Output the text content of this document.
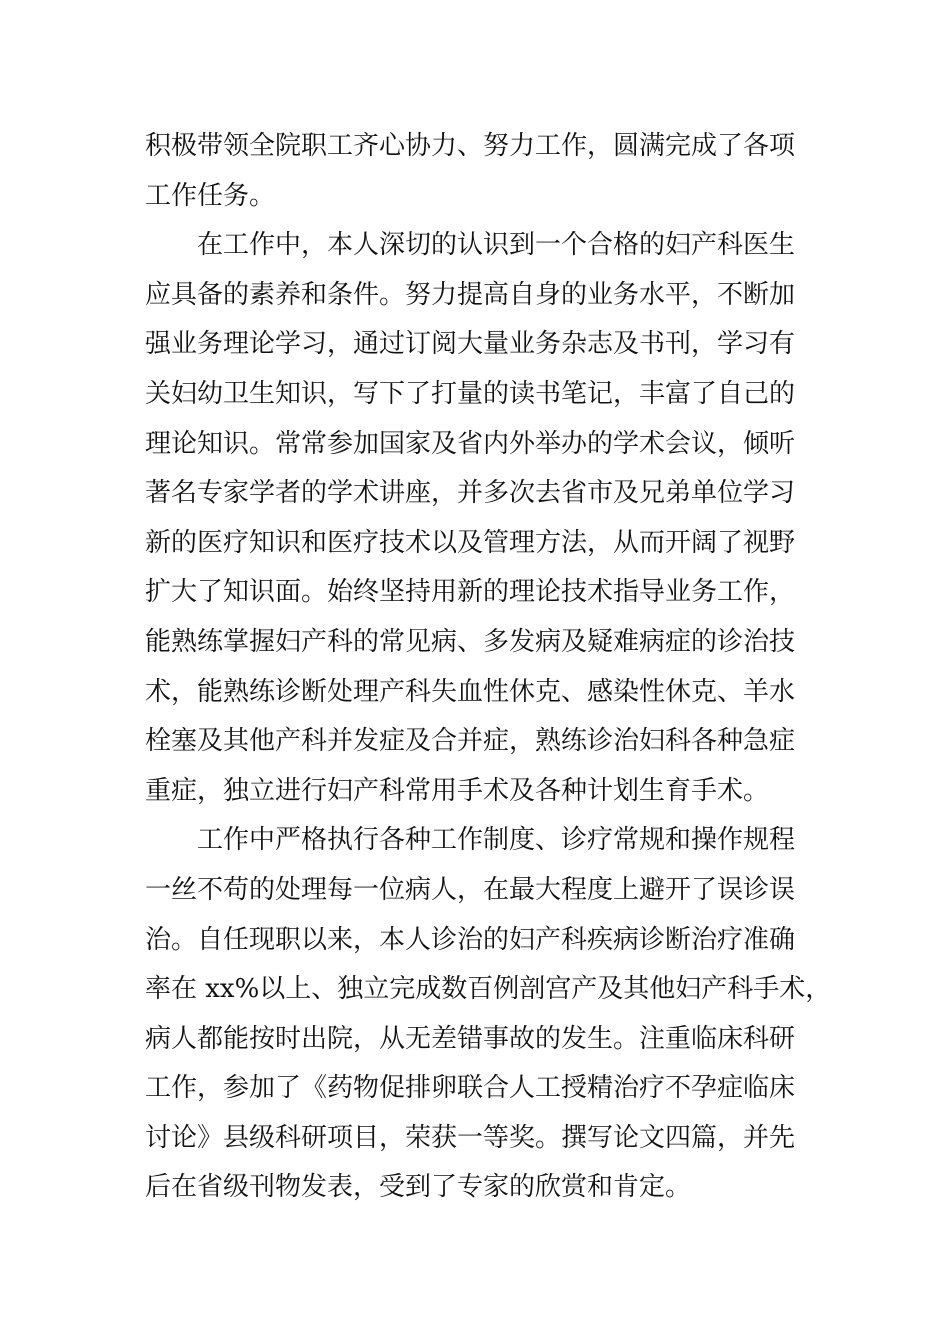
积极带领全院职工齐心协力、努力工作，圆满完成了各项
工作任务。
在工作中，本人深切的认识到一个合格的妇产科医生
应具备的素养和条件。努力提高自身的业务水平，不断加
强业务理论学习，通过订阅大量业务杂志及书刊，学习有
关妇幼卫生知识，写下了打量的读书笔记，丰富了自己的
理论知识。常常参加国家及省内外举办的学术会议，倾听
著名专家学者的学术讲座，并多次去省市及兄弟单位学习
新的医疗知识和医疗技术以及管理方法，从而开阔了视野
扩大了知识面。始终坚持用新的理论技术指导业务工作，
能熟练掌握妇产科的常见病、多发病及疑难病症的诊治技
术，能熟练诊断处理产科失血性休克、感染性休克、羊水
栓塞及其他产科并发症及合并症，熟练诊治妇科各种急症
重症，独立进行妇产科常用手术及各种计划生育手术。
工作中严格执行各种工作制度、诊疗常规和操作规程
一丝不苟的处理每一位病人，在最大程度上避开了误诊误
治。自任现职以来，本人诊治的妇产科疾病诊断治疗准确
率在 xx%以上、独立完成数百例剖宫产及其他妇产科手术，
病人都能按时出院，从无差错事故的发生。注重临床科研
工作，参加了《药物促排卵联合人工授精治疗不孕症临床
讨论》县级科研项目，荣获一等奖。撰写论文四篇，并先
后在省级刊物发表，受到了专家的欣赏和肯定。
